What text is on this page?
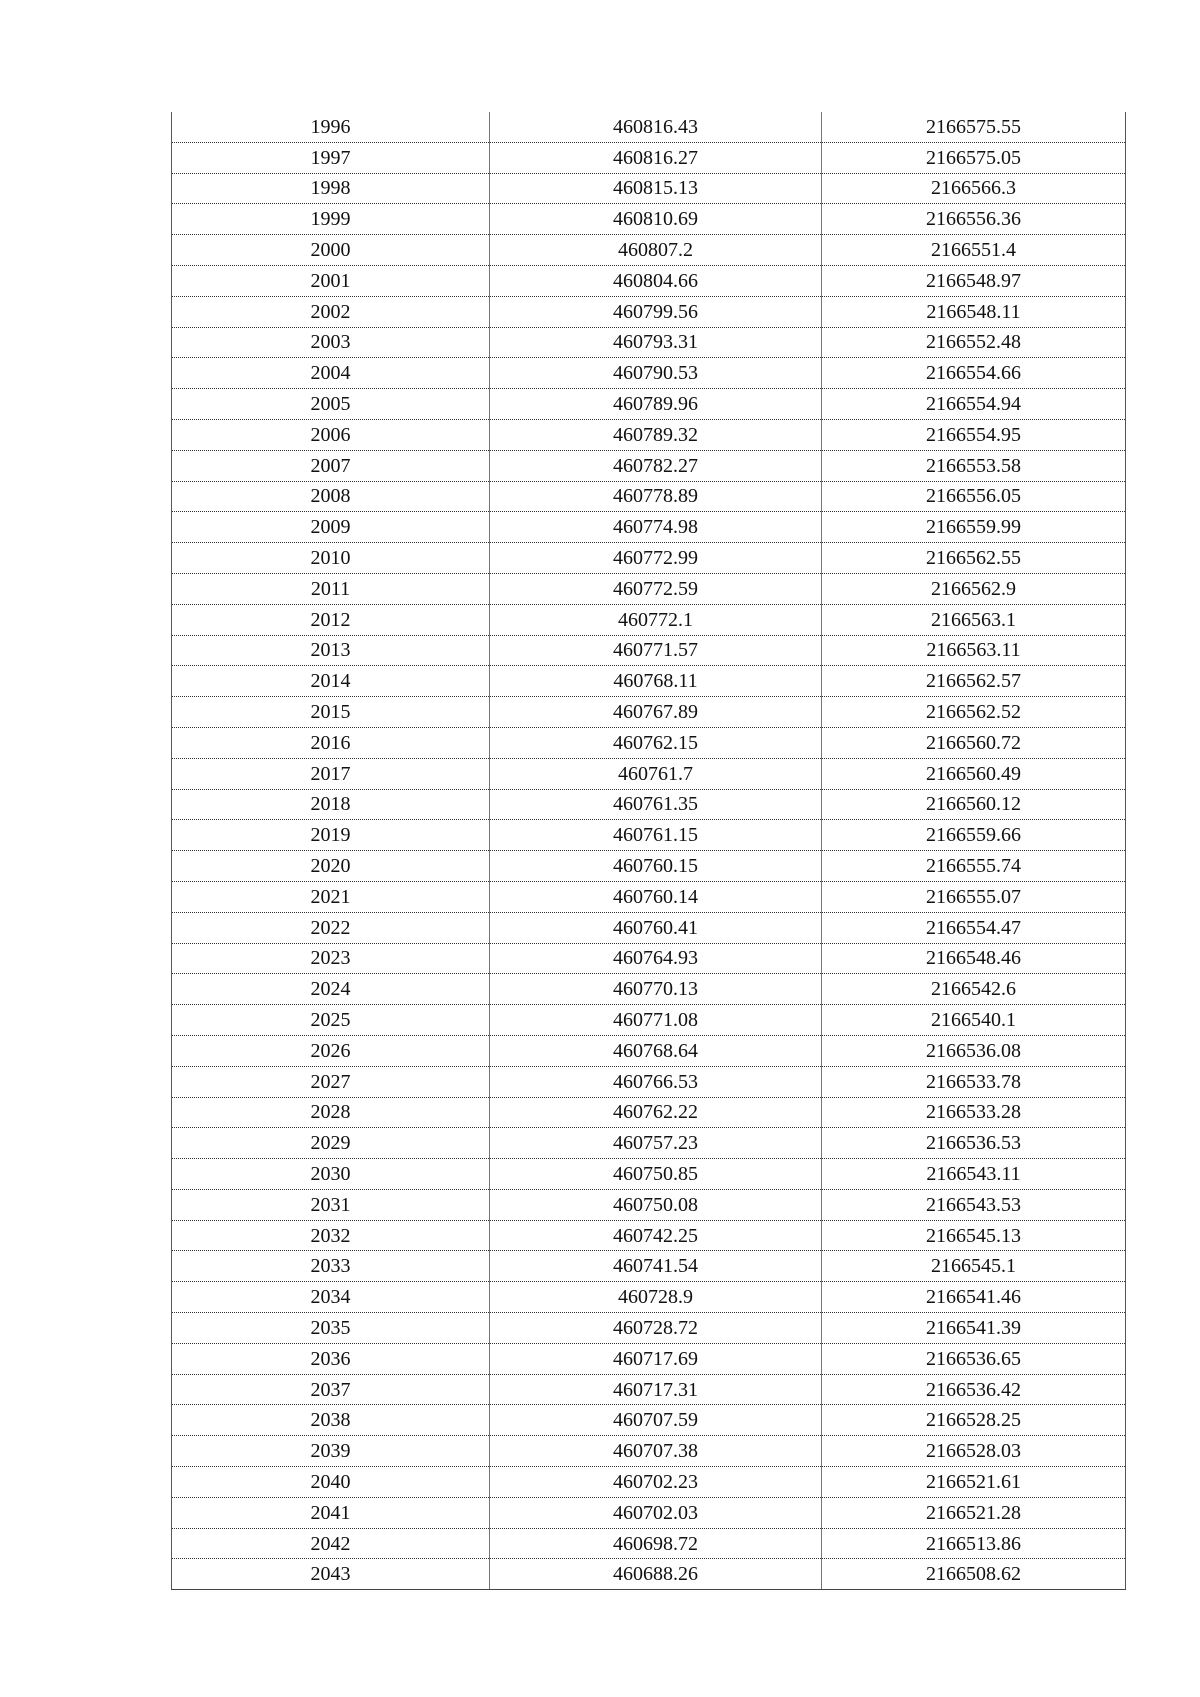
1996	460816.43	2166575.55
1997	460816.27	2166575.05
1998	460815.13	2166566.3
1999	460810.69	2166556.36
2000	460807.2	2166551.4
2001	460804.66	2166548.97
2002	460799.56	2166548.11
2003	460793.31	2166552.48
2004	460790.53	2166554.66
2005	460789.96	2166554.94
2006	460789.32	2166554.95
2007	460782.27	2166553.58
2008	460778.89	2166556.05
2009	460774.98	2166559.99
2010	460772.99	2166562.55
2011	460772.59	2166562.9
2012	460772.1	2166563.1
2013	460771.57	2166563.11
2014	460768.11	2166562.57
2015	460767.89	2166562.52
2016	460762.15	2166560.72
2017	460761.7	2166560.49
2018	460761.35	2166560.12
2019	460761.15	2166559.66
2020	460760.15	2166555.74
2021	460760.14	2166555.07
2022	460760.41	2166554.47
2023	460764.93	2166548.46
2024	460770.13	2166542.6
2025	460771.08	2166540.1
2026	460768.64	2166536.08
2027	460766.53	2166533.78
2028	460762.22	2166533.28
2029	460757.23	2166536.53
2030	460750.85	2166543.11
2031	460750.08	2166543.53
2032	460742.25	2166545.13
2033	460741.54	2166545.1
2034	460728.9	2166541.46
2035	460728.72	2166541.39
2036	460717.69	2166536.65
2037	460717.31	2166536.42
2038	460707.59	2166528.25
2039	460707.38	2166528.03
2040	460702.23	2166521.61
2041	460702.03	2166521.28
2042	460698.72	2166513.86
2043	460688.26	2166508.62
